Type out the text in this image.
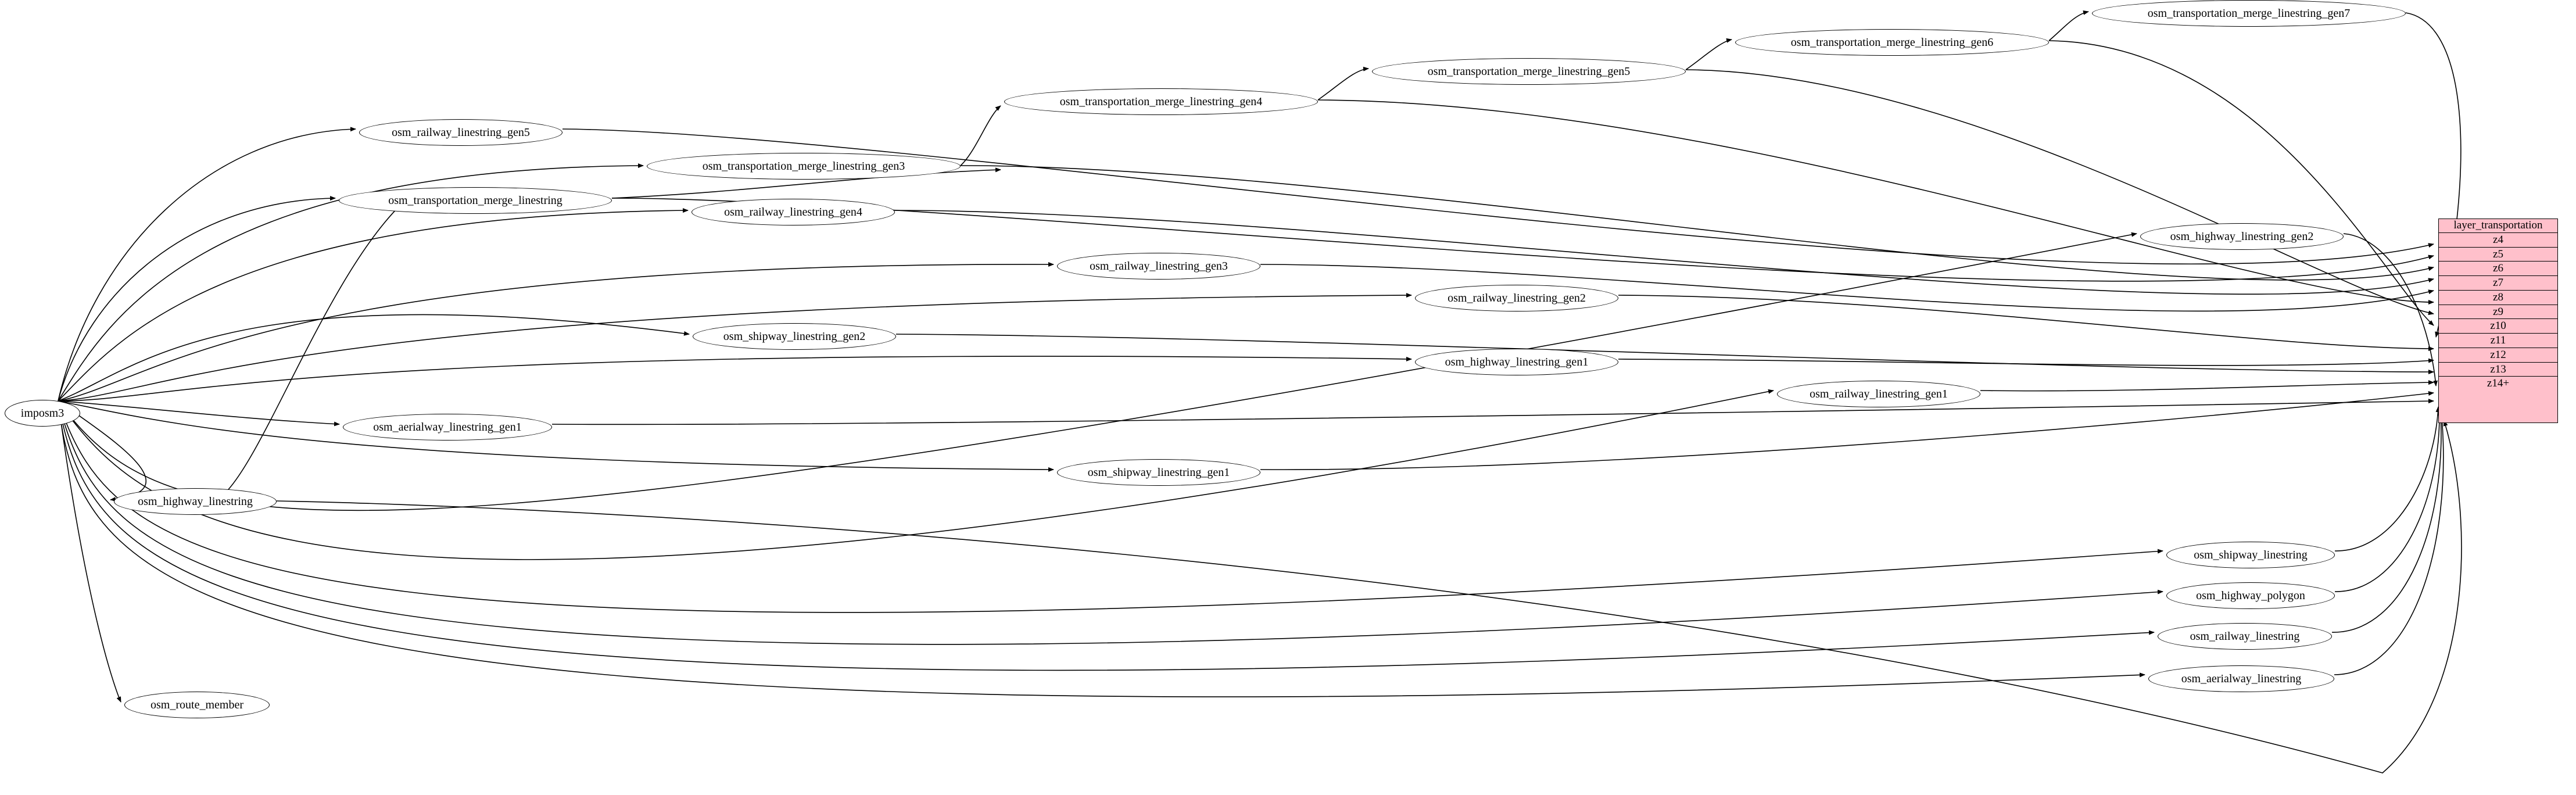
imposm3
osm_highway_linestring
osm_route_member
osm_aerialway_linestring_gen1
osm_transportation_merge_linestring
osm_railway_linestring_gen5
osm_shipway_linestring_gen2
osm_railway_linestring_gen4
osm_transportation_merge_linestring_gen3
osm_railway_linestring_gen3
osm_shipway_linestring_gen1
osm_transportation_merge_linestring_gen4
osm_railway_linestring_gen2
osm_highway_linestring_gen1
osm_transportation_merge_linestring_gen5
osm_railway_linestring_gen1
osm_transportation_merge_linestring_gen6
osm_highway_linestring_gen2
osm_transportation_merge_linestring_gen7
osm_shipway_linestring
osm_highway_polygon
osm_railway_linestring
osm_aerialway_linestring
layer_transportation
z4
z5
z6
z7
z8
z9
z10
z11
z12
z13
z14+
